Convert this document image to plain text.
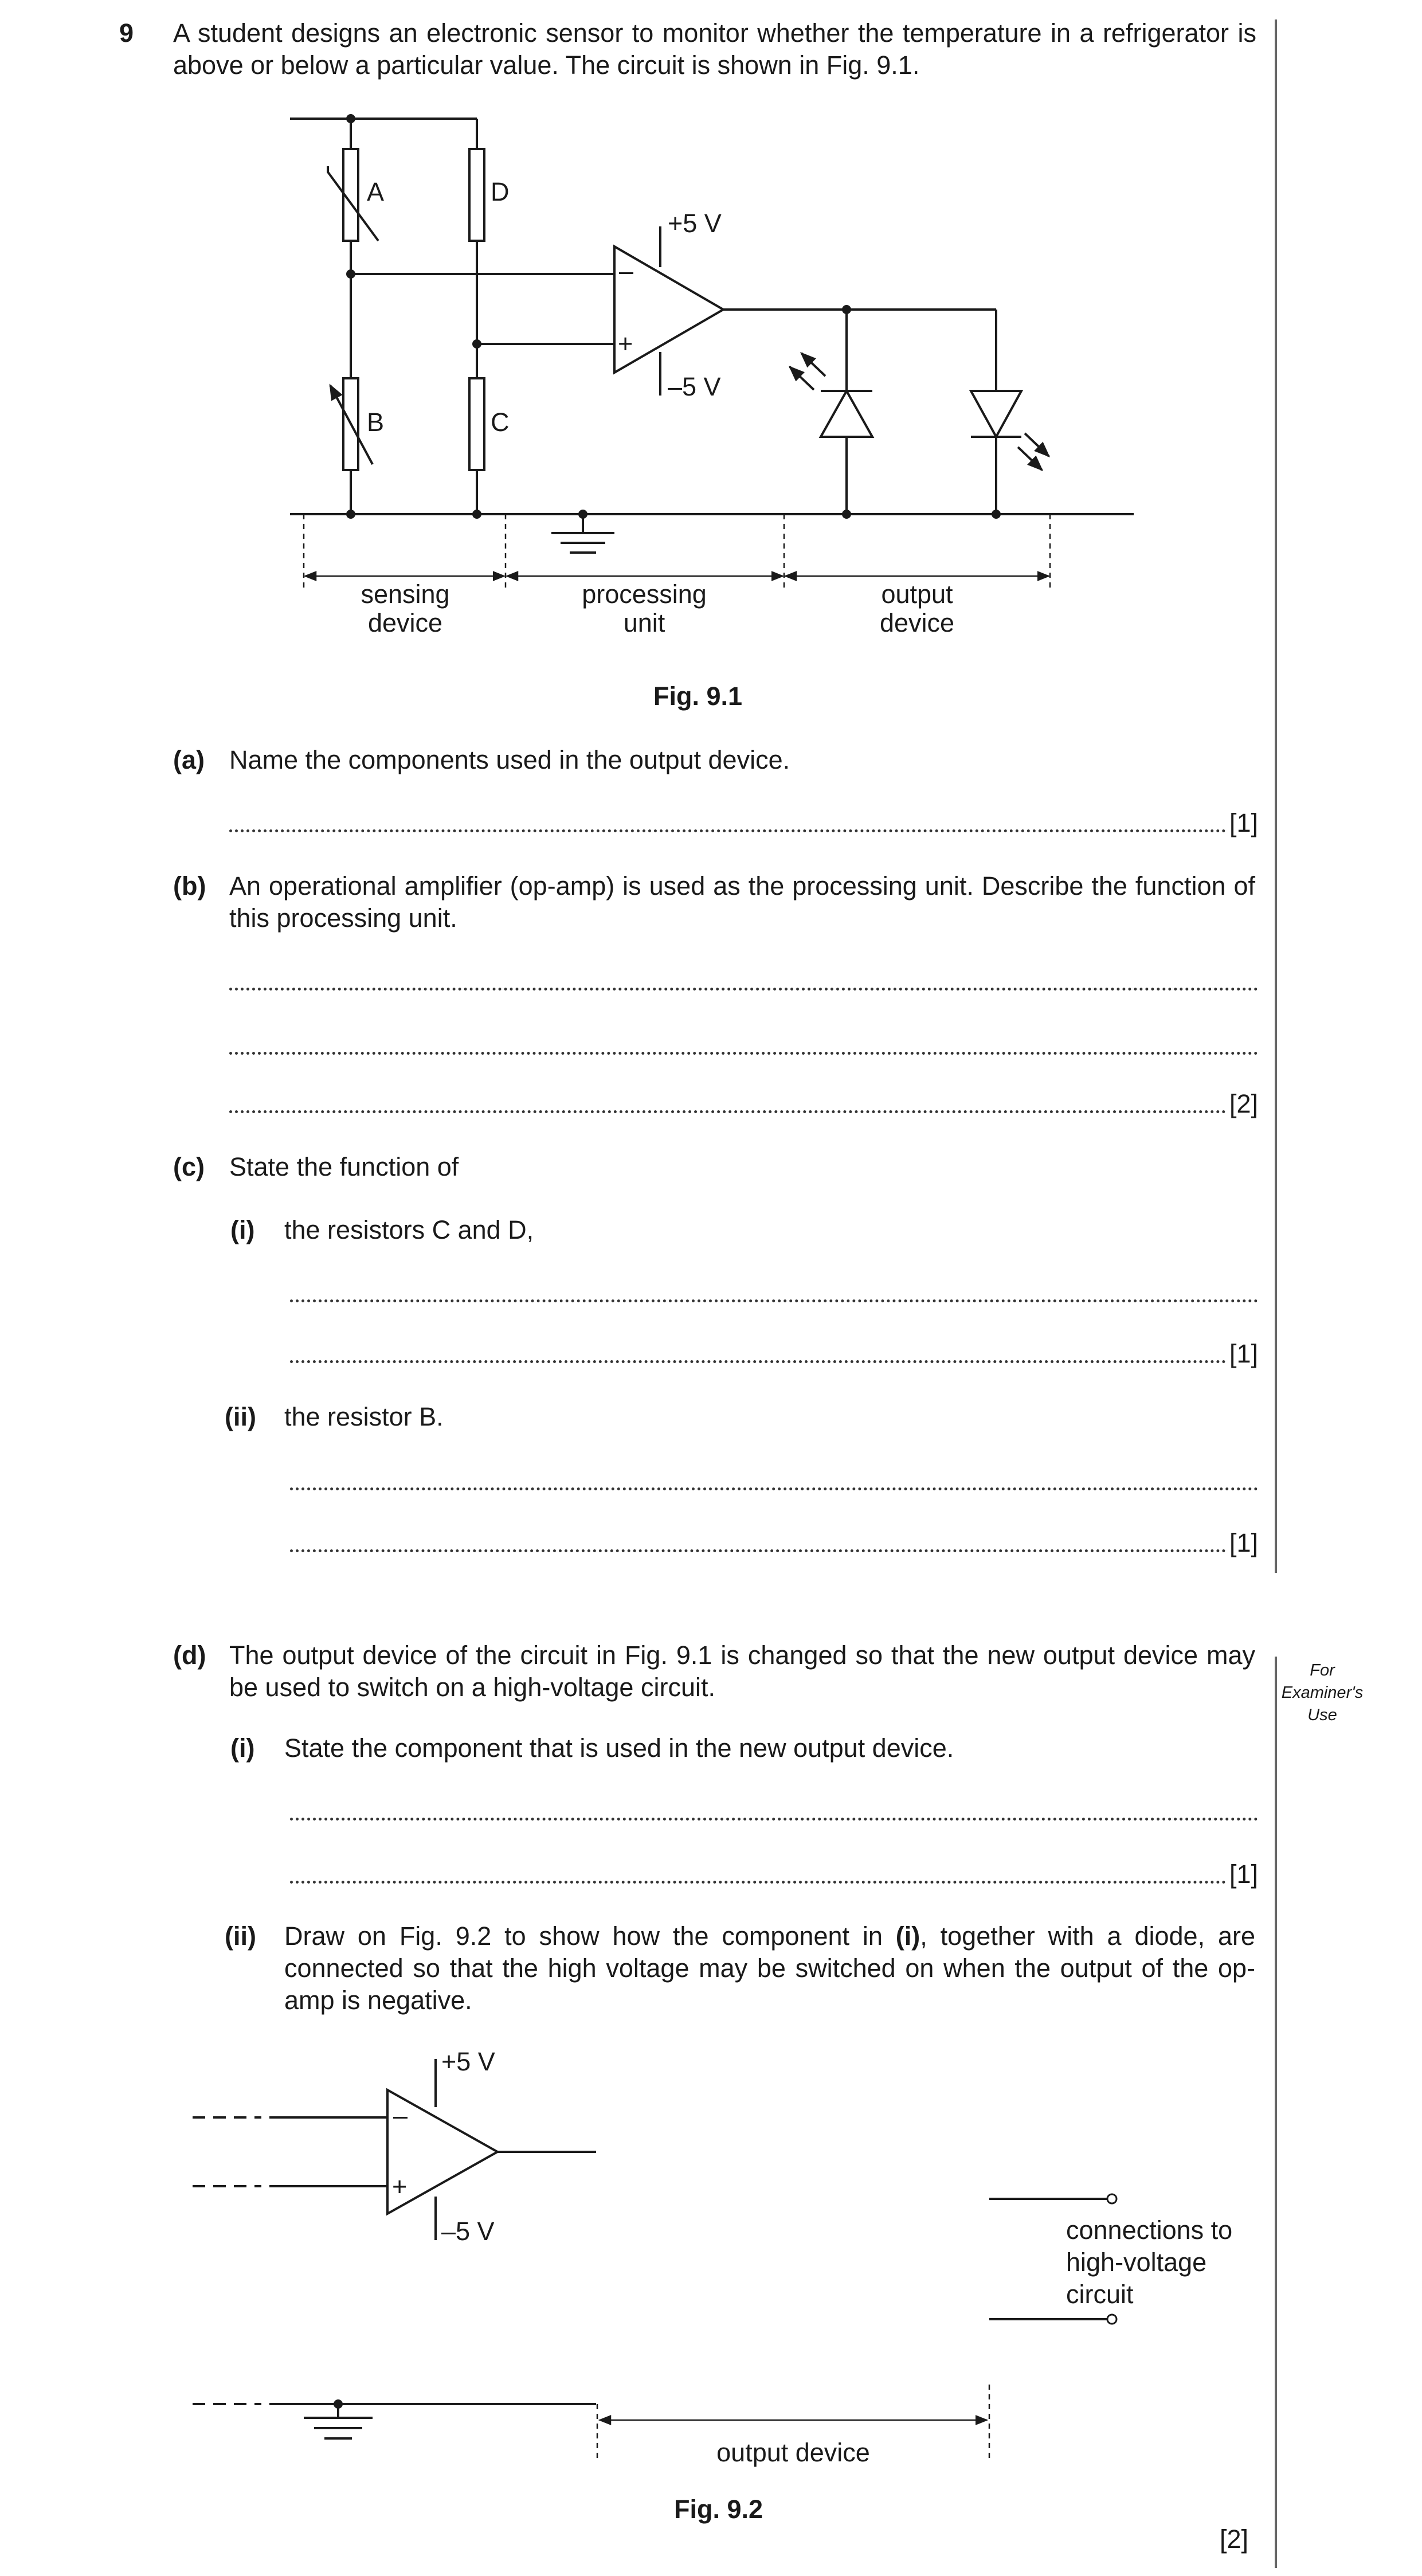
9 A student designs an electronic sensor to monitor whether the temperature in a refrigerator is above or below a particular value. The circuit is shown in Fig. 9.1.
A
B
D
C
+5 V
–5 V
–
+
sensing
device
processing
unit
output
device
Fig. 9.1
(a) Name the components used in the output device.
[1]
(b) An operational amplifier (op-amp) is used as the processing unit. Describe the function of this processing unit.
[2]
(c) State the function of
(i) the resistors C and D,
[1]
(ii) the resistor B.
[1]
For
Examiner's
Use
(d) The output device of the circuit in Fig. 9.1 is changed so that the new output device may be used to switch on a high-voltage circuit.
(i) State the component that is used in the new output device.
[1]
(ii) Draw on Fig. 9.2 to show how the component in (i), together with a diode, are connected so that the high voltage may be switched on when the output of the op-amp is negative.
+5 V
–5 V
–
+
connections to
high-voltage
circuit
output device
Fig. 9.2
[2]
